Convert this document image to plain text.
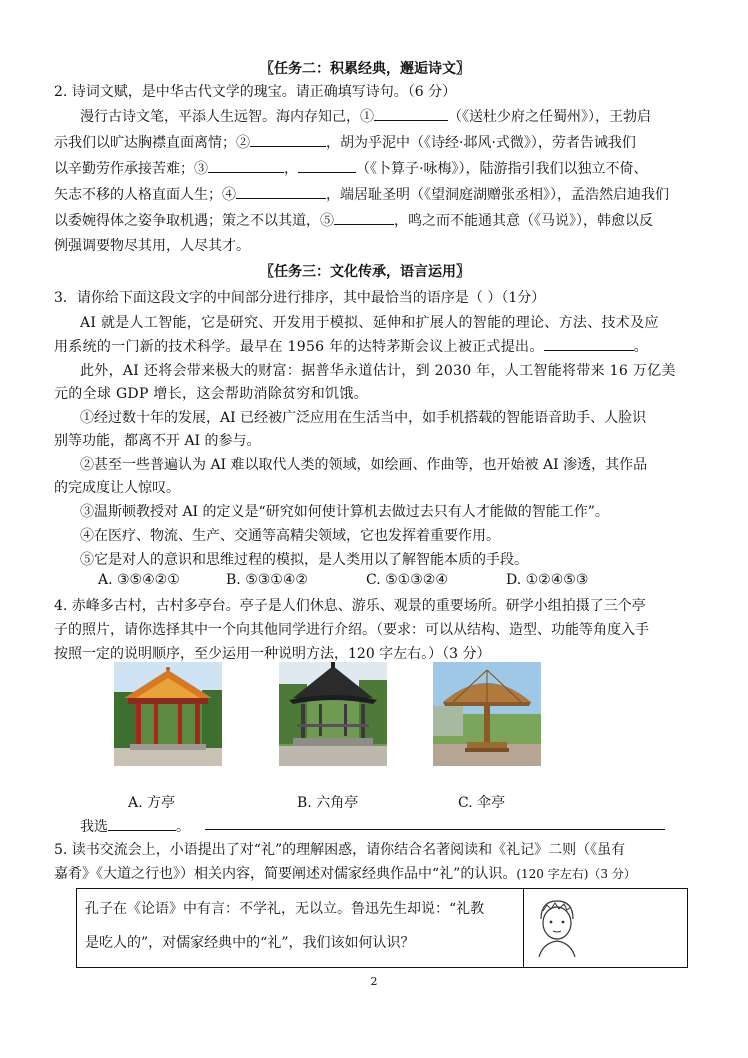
〖任务二：积累经典，邂逅诗文〗
2. 诗词文赋，是中华古代文学的瑰宝。请正确填写诗句。（6 分）
漫行古诗文笔，平添人生远智。海内存知己，①	（《送杜少府之任蜀州》），王勃启
示我们以旷达胸襟直面离情；②	，胡为乎泥中（《诗经·邶风·式微》），劳者告诫我们
以辛勤劳作承接苦难；③	，	（《卜算子·咏梅》），陆游指引我们以独立不倚、
矢志不移的人格直面人生；④	，端居耻圣明（《望洞庭湖赠张丞相》），孟浩然启迪我们
以委婉得体之姿争取机遇；策之不以其道，⑤	，鸣之而不能通其意（《马说》），韩愈以反
例强调要物尽其用，人尽其才。
〖任务三：文化传承，语言运用〗
3．请你给下面这段文字的中间部分进行排序，其中最恰当的语序是（ ）（1分）
AI 就是人工智能，它是研究、开发用于模拟、延伸和扩展人的智能的理论、方法、技术及应
用系统的一门新的技术科学。最早在 1956 年的达特茅斯会议上被正式提出。	。
此外，AI 还将会带来极大的财富：据普华永道估计，到 2030 年，人工智能将带来 16 万亿美
元的全球 GDP 增长，这会帮助消除贫穷和饥饿。
①经过数十年的发展，AI 已经被广泛应用在生活当中，如手机搭载的智能语音助手、人脸识
别等功能，都离不开 AI 的参与。
②甚至一些普遍认为 AI 难以取代人类的领域，如绘画、作曲等，也开始被 AI 渗透，其作品
的完成度让人惊叹。
③温斯顿教授对 AI 的定义是“研究如何使计算机去做过去只有人才能做的智能工作”。
④在医疗、物流、生产、交通等高精尖领域，它也发挥着重要作用。
⑤它是对人的意识和思维过程的模拟，是人类用以了解智能本质的手段。
A. ③⑤④②①	B. ⑤③①④②	C. ⑤①③②④	D. ①②④⑤③
4. 赤峰多古村，古村多亭台。亭子是人们休息、游乐、观景的重要场所。研学小组拍摄了三个亭
子的照片，请你选择其中一个向其他同学进行介绍。（要求：可以从结构、造型、功能等角度入手
按照一定的说明顺序，至少运用一种说明方法，120 字左右。）（3 分）
A. 方亭	B. 六角亭	C. 伞亭
我选	。
5. 读书交流会上，小语提出了对“礼”的理解困惑，请你结合名著阅读和《礼记》二则（《虽有
嘉肴》《大道之行也》）相关内容，简要阐述对儒家经典作品中“礼”的认识。(120 字左右)（3 分）
孔子在《论语》中有言：不学礼，无以立。鲁迅先生却说：“礼教
是吃人的”，对儒家经典中的“礼”，我们该如何认识？
2
